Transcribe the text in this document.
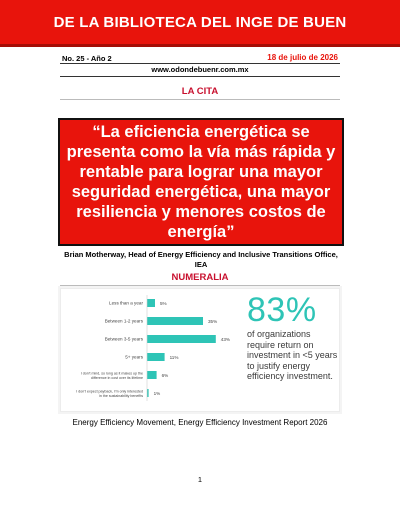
DE LA BIBLIOTECA DEL INGE DE BUEN
No. 25 - Año 2	18 de julio de 2026
www.odondebuenr.com.mx
LA CITA

“La eficiencia energética se presenta como la vía más rápida y rentable para lograr una mayor seguridad energética, una mayor resiliencia y menores costos de energía”

Brian Motherway, Head of Energy Efficiency and Inclusive Transitions Office, IEA
NUMERALIA
Less than a year	5%
Between 1-2 years	35%
Between 3-5 years	43%
5+ years	11%
I don't mind, so long as it makes up the difference in cost over its lifetime	6%
I don't expect payback, I'm only interested in the sustainability benefits 1%
83%
of organizations require return on investment in <5 years to justify energy efficiency investment.
Energy Efficiency Movement, Energy Efficiency Investment Report 2026
1
